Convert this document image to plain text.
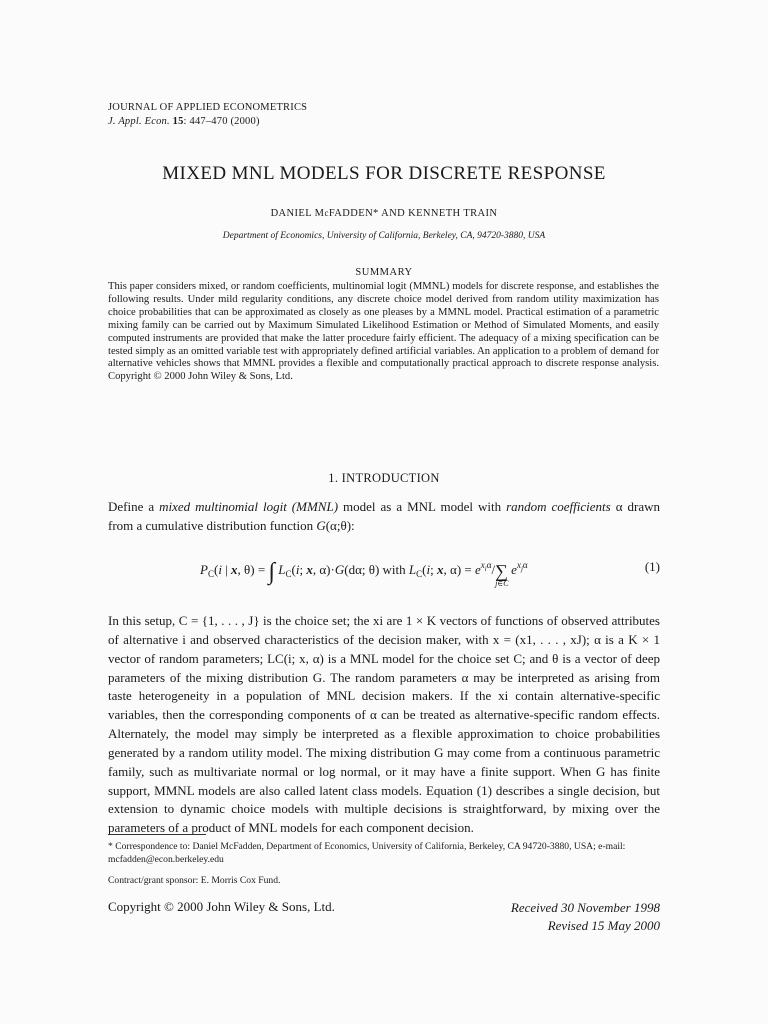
JOURNAL OF APPLIED ECONOMETRICS
J. Appl. Econ. 15: 447–470 (2000)
MIXED MNL MODELS FOR DISCRETE RESPONSE
DANIEL McFADDEN* AND KENNETH TRAIN
Department of Economics, University of California, Berkeley, CA, 94720-3880, USA
SUMMARY
This paper considers mixed, or random coefficients, multinomial logit (MMNL) models for discrete response, and establishes the following results. Under mild regularity conditions, any discrete choice model derived from random utility maximization has choice probabilities that can be approximated as closely as one pleases by a MMNL model. Practical estimation of a parametric mixing family can be carried out by Maximum Simulated Likelihood Estimation or Method of Simulated Moments, and easily computed instruments are provided that make the latter procedure fairly efficient. The adequacy of a mixing specification can be tested simply as an omitted variable test with appropriately defined artificial variables. An application to a problem of demand for alternative vehicles shows that MMNL provides a flexible and computationally practical approach to discrete response analysis. Copyright © 2000 John Wiley & Sons, Ltd.
1. INTRODUCTION
Define a mixed multinomial logit (MMNL) model as a MNL model with random coefficients α drawn from a cumulative distribution function G(α;θ):
$P_C(i$ | x, θ) = ∫ $L_C(i$; x, α)·G(dα; θ) with $L_C(i$; x, $\alpha) = e^{x_i\alpha}/\sum$
j∈C
$e^{x_j\alpha}$	(1)
In this setup, C = {1, . . . , J} is the choice set; the xi are 1 × K vectors of functions of observed attributes of alternative i and observed characteristics of the decision maker, with x = (x1, . . . , xJ); α is a K × 1 vector of random parameters; LC(i; x, α) is a MNL model for the choice set C; and θ is a vector of deep parameters of the mixing distribution G. The random parameters α may be interpreted as arising from taste heterogeneity in a population of MNL decision makers. If the xi contain alternative-specific variables, then the corresponding components of α can be treated as alternative-specific random effects. Alternately, the model may simply be interpreted as a flexible approximation to choice probabilities generated by a random utility model. The mixing distribution G may come from a continuous parametric family, such as multivariate normal or log normal, or it may have a finite support. When G has finite support, MMNL models are also called latent class models. Equation (1) describes a single decision, but extension to dynamic choice models with multiple decisions is straightforward, by mixing over the parameters of a product of MNL models for each component decision.
* Correspondence to: Daniel McFadden, Department of Economics, University of California, Berkeley, CA 94720-3880, USA; e-mail: mcfadden@econ.berkeley.edu
Contract/grant sponsor: E. Morris Cox Fund.
Copyright © 2000 John Wiley & Sons, Ltd.	Received 30 November 1998
Revised 15 May 2000
